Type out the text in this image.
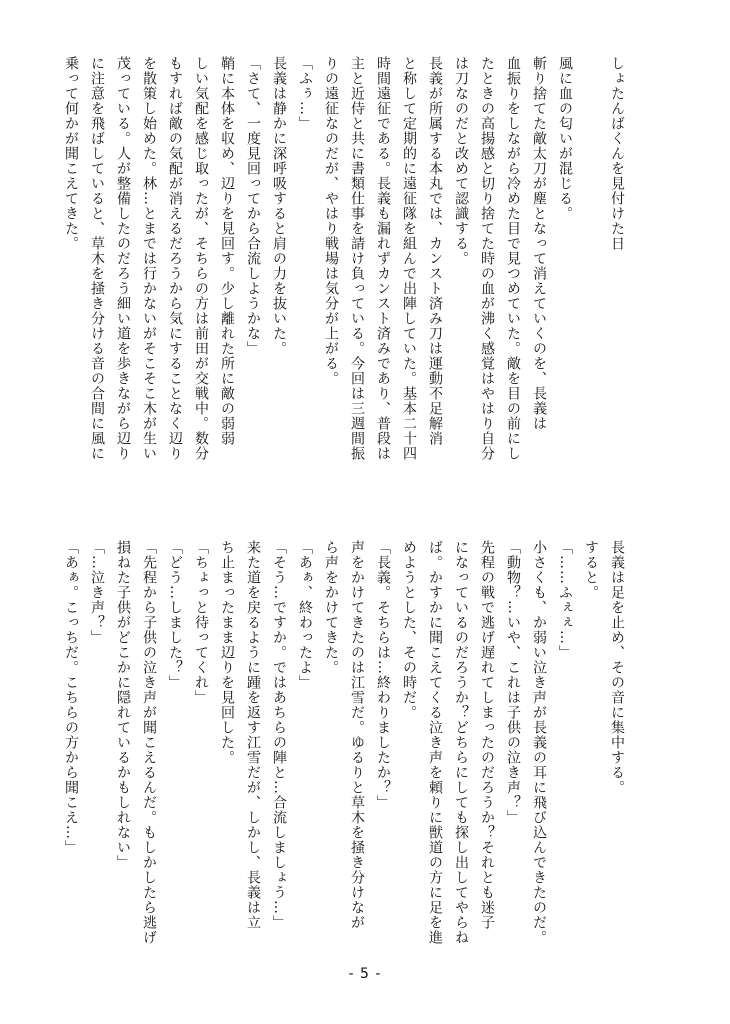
しょたんばくんを見付けた日

風に血の匂いが混じる。
斬り捨てた敵太刀が塵となって消えていくのを、長義は
血振りをしながら冷めた目で見つめていた。敵を目の前にし
たときの高揚感と切り捨てた時の血が沸く感覚はやはり自分
は刀なのだと改めて認識する。
長義が所属する本丸では、カンスト済み刀は運動不足解消
と称して定期的に遠征隊を組んで出陣していた。基本二十四
時間遠征である。長義も漏れずカンスト済みであり、普段は
主と近侍と共に書類仕事を請け負っている。今回は三週間振
りの遠征なのだが、やはり戦場は気分が上がる。
「ふぅ…」
長義は静かに深呼吸すると肩の力を抜いた。
「さて、一度見回ってから合流しようかな」
鞘に本体を収め、辺りを見回す。少し離れた所に敵の弱弱
しい気配を感じ取ったが、そちらの方は前田が交戦中。数分
もすれば敵の気配が消えるだろうから気にすることなく辺り
を散策し始めた。林…とまでは行かないがそこそこ木が生い
茂っている。人が整備したのだろう細い道を歩きながら辺り
に注意を飛ばしていると、草木を掻き分ける音の合間に風に
乗って何かが聞こえてきた。
長義は足を止め、その音に集中する。
すると。
「……ふぇぇ…」
小さくも、か弱い泣き声が長義の耳に飛び込んできたのだ。
「動物？…いや、これは子供の泣き声？」
先程の戦で逃げ遅れてしまったのだろうか？それとも迷子
になっているのだろうか？どちらにしても探し出してやらね
ば。かすかに聞こえてくる泣き声を頼りに獣道の方に足を進
めようとした、その時だ。
「長義。そちらは…終わりましたか？」
声をかけてきたのは江雪だ。ゆるりと草木を掻き分けなが
ら声をかけてきた。
「あぁ、終わったよ」
「そう…ですか。ではあちらの陣と…合流しましょう…」
来た道を戻るように踵を返す江雪だが、しかし、長義は立
ち止まったまま辺りを見回した。
「ちょっと待ってくれ」
「どう…しました？」
「先程から子供の泣き声が聞こえるんだ。もしかしたら逃げ
損ねた子供がどこかに隠れているかもしれない」
「…泣き声？」
「あぁ。こっちだ。こちらの方から聞こえ…」
- 5 -
